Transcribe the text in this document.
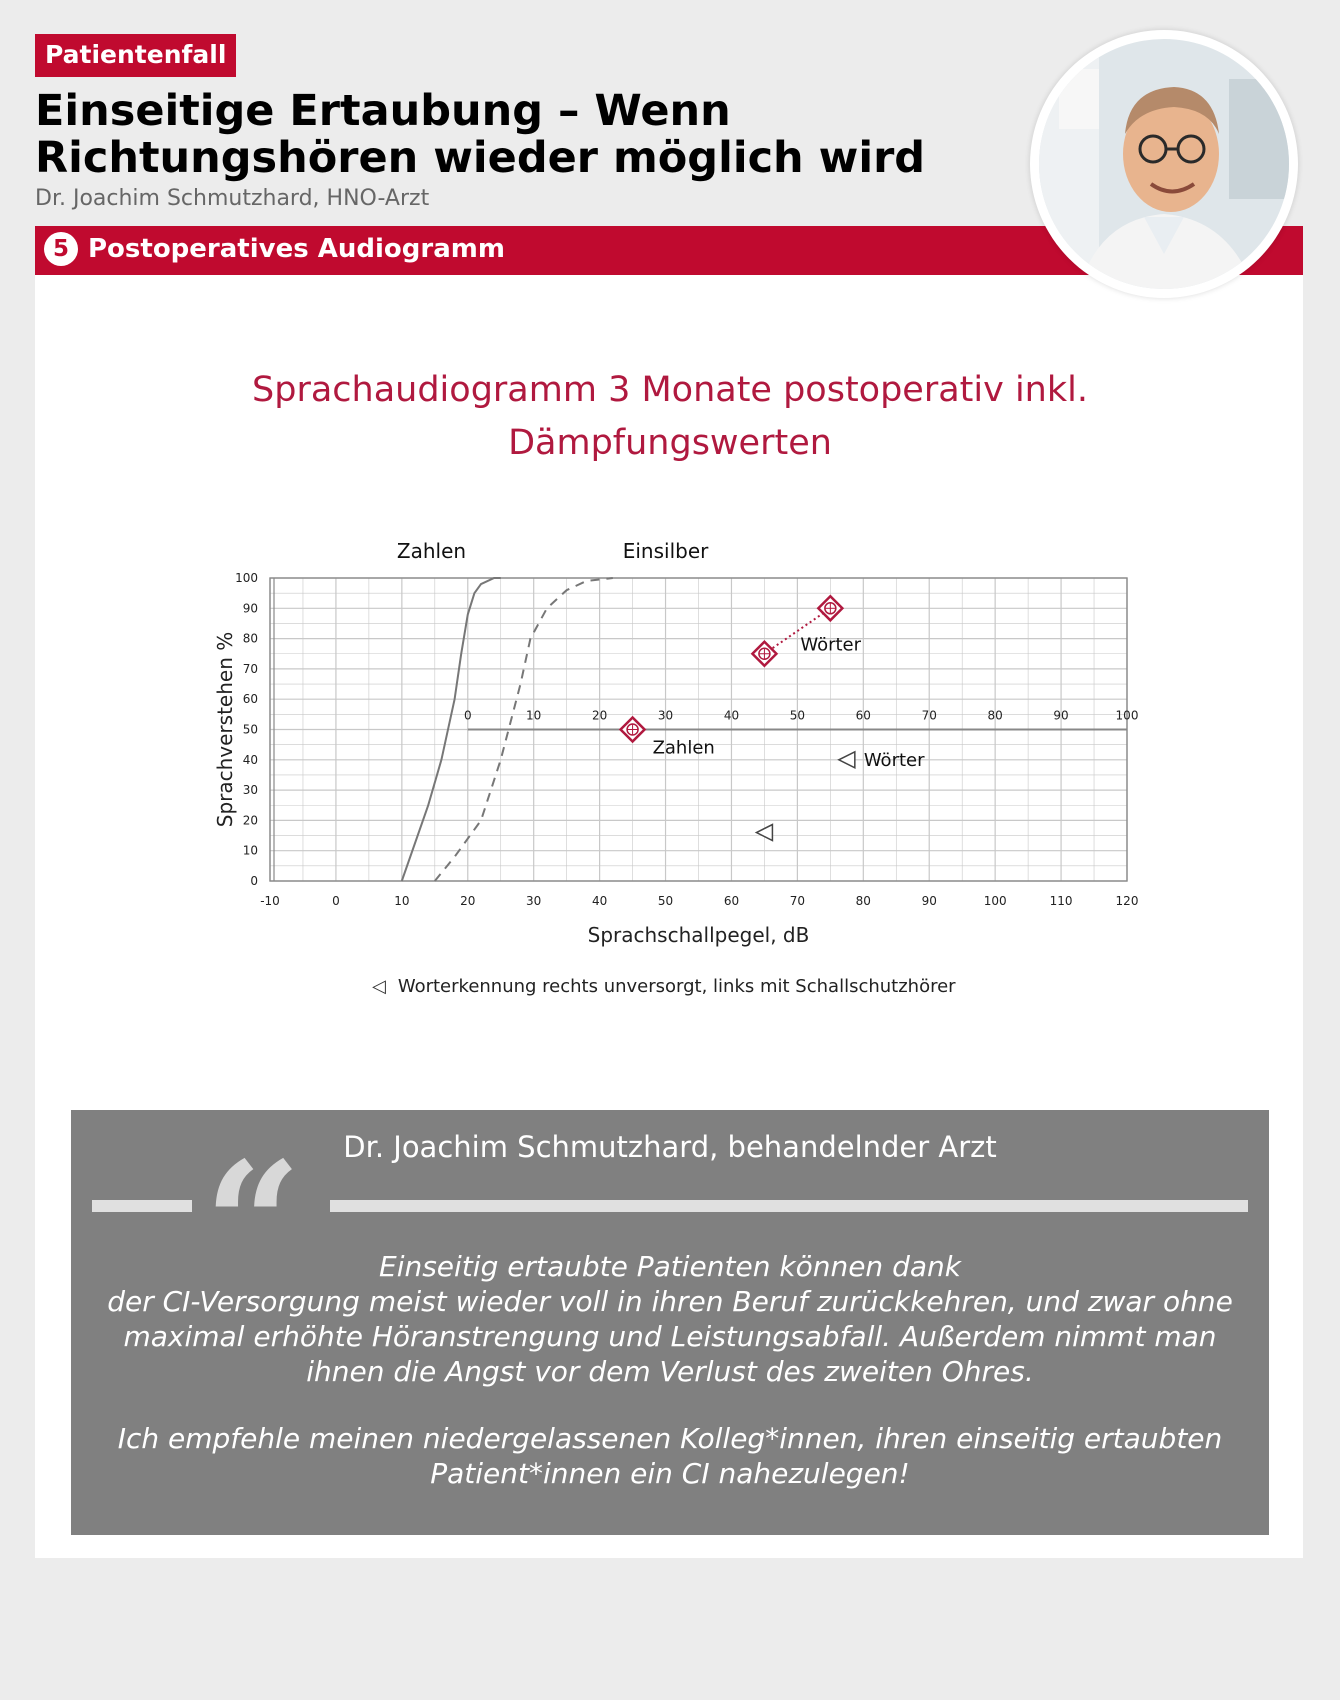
Patientenfall
Einseitige Ertaubung – Wenn
Richtungshören wieder möglich wird
Dr. Joachim Schmutzhard, HNO-Arzt
5 Postoperatives Audiogramm
Sprachaudiogramm 3 Monate postoperativ inkl.
Dämpfungswerten
-10	0	10	20	30	40	50	60	70	80	90	100	110	120
0
10
20
30
40
50
60
70
80
90
100
Sprachschallpegel, dB
Sprachverstehen %	0	10	20	30	40	50	60	70	80	90	100
Zahlen	Einsilber
Zahlen
Wörter
Wörter
◁ Worterkennung rechts unversorgt, links mit Schallschutzhörer
Dr. Joachim Schmutzhard, behandelnder Arzt
“	Einseitig ertaubte Patienten können dank

der CI-Versorgung meist wieder voll in ihren Beruf zurückkehren, und zwar ohne

maximal erhöhte Höranstrengung und Leistungsabfall. Außerdem nimmt man

ihnen die Angst vor dem Verlust des zweiten Ohres.

Ich empfehle meinen niedergelassenen Kolleg*innen, ihren einseitig ertaubten

Patient*innen ein CI nahezulegen!
